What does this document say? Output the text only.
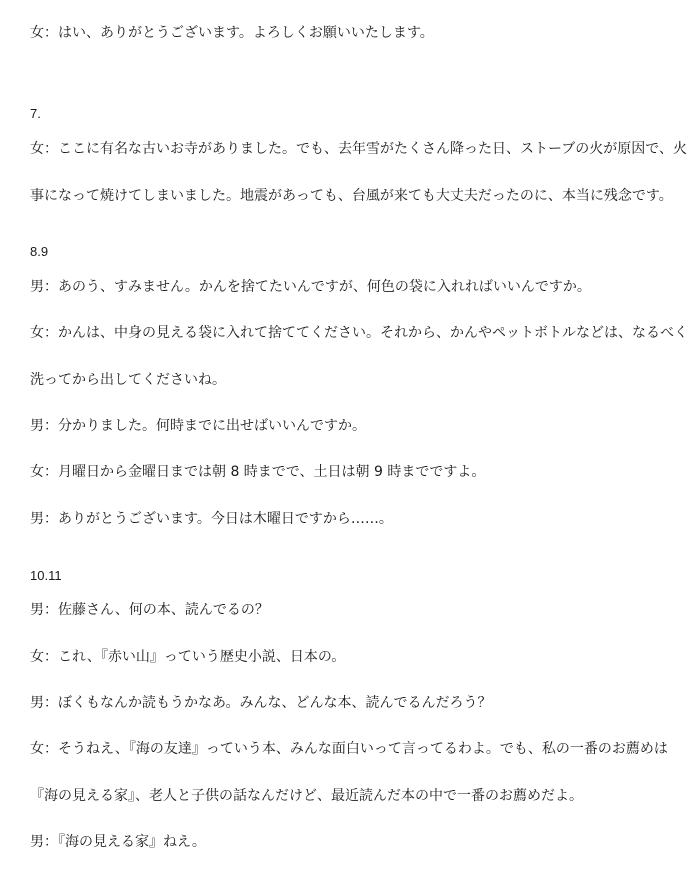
女：はい、ありがとうございます。よろしくお願いいたします。
7.
女：ここに有名な古いお寺がありました。でも、去年雪がたくさん降った日、ストーブの火が原因で、火
事になって焼けてしまいました。地震があっても、台風が来ても大丈夫だったのに、本当に残念です。
8.9
男：あのう、すみません。かんを捨てたいんですが、何色の袋に入れればいいんですか。
女：かんは、中身の見える袋に入れて捨ててください。それから、かんやペットボトルなどは、なるべく
洗ってから出してくださいね。
男：分かりました。何時までに出せばいいんですか。
女：月曜日から金曜日までは朝 8 時までで、土日は朝 9 時までですよ。
男：ありがとうございます。今日は木曜日ですから……。
10.11
男：佐藤さん、何の本、読んでるの？
女：これ、『赤い山』っていう歴史小説、日本の。
男：ぼくもなんか読もうかなあ。みんな、どんな本、読んでるんだろう？
女：そうねえ、『海の友達』っていう本、みんな面白いって言ってるわよ。でも、私の一番のお薦めは
『海の見える家』、老人と子供の話なんだけど、最近読んだ本の中で一番のお薦めだよ。
男：『海の見える家』ねえ。
